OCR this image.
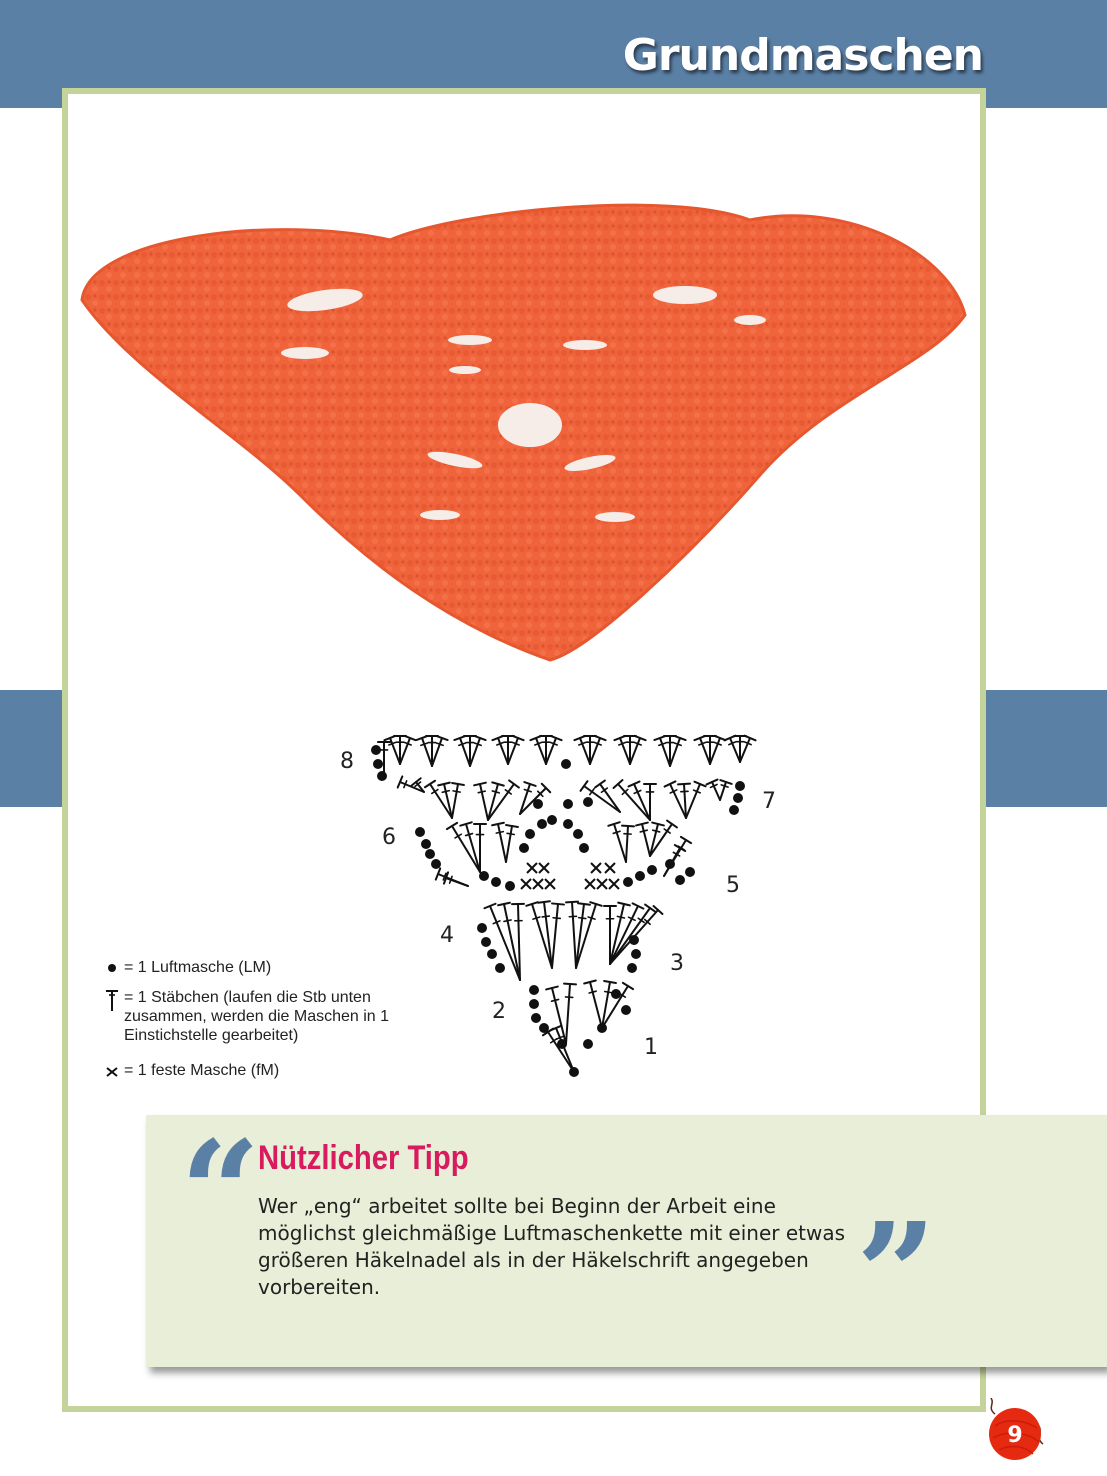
Grundmaschen
8
7
6
5
4
3
2
1
= 1 Luftmasche (LM)
= 1 Stäbchen (laufen die Stb unten zusammen, werden die Maschen in 1 Einstichstelle gearbeitet)
= 1 feste Masche (fM)
“
Nützlicher Tipp

Wer „eng“ arbeitet sollte bei Beginn der Arbeit eine möglichst gleichmäßige Luftmaschenkette mit einer etwas größeren Häkelnadel als in der Häkelschrift angegeben vorbereiten.	”
9
